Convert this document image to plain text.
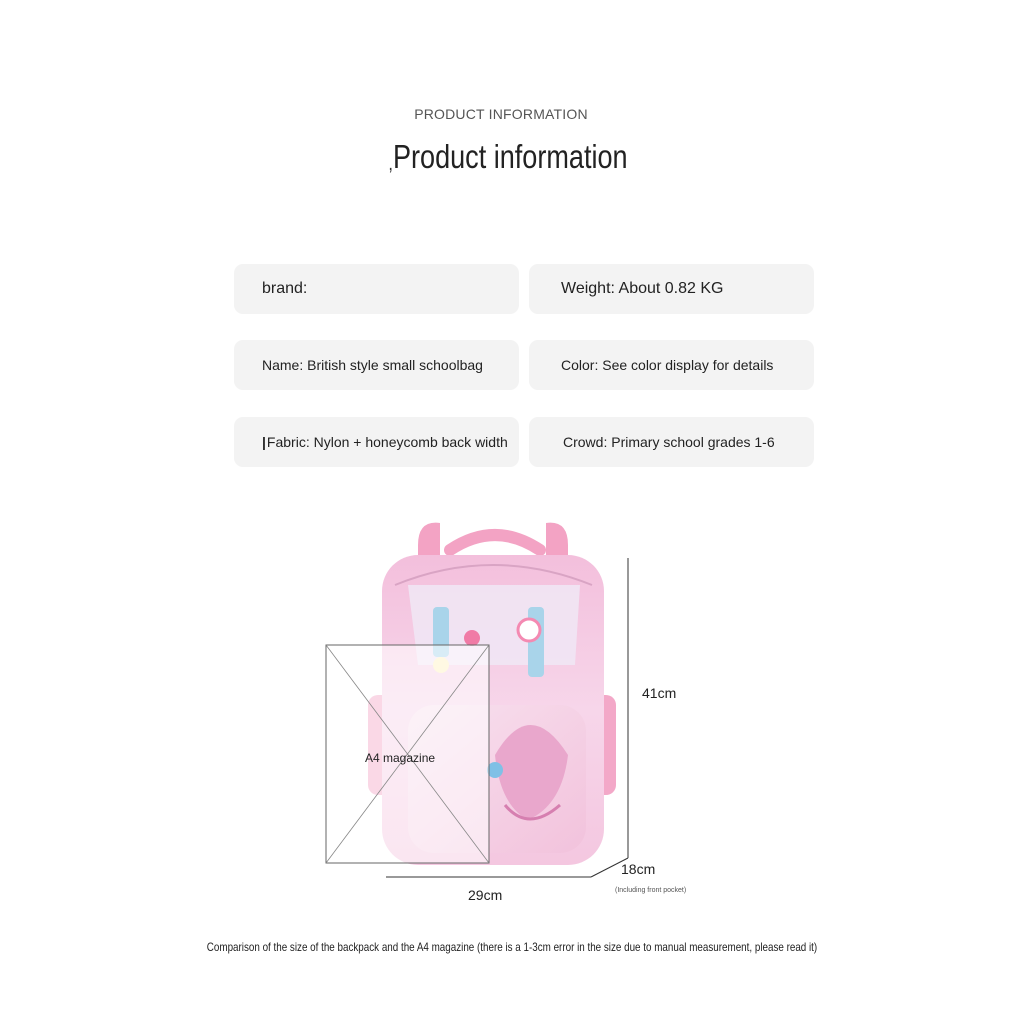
PRODUCT INFORMATION
,Product information
brand:	Weight: About 0.82 KG
Name: British style small schoolbag	Color: See color display for details
| Fabric: Nylon + honeycomb back width	Crowd: Primary school grades 1-6
A4 magazine
41cm
18cm
(Including front pocket)
29cm
Comparison of the size of the backpack and the A4 magazine (there is a 1-3cm error in the size due to manual measurement, please read it)
